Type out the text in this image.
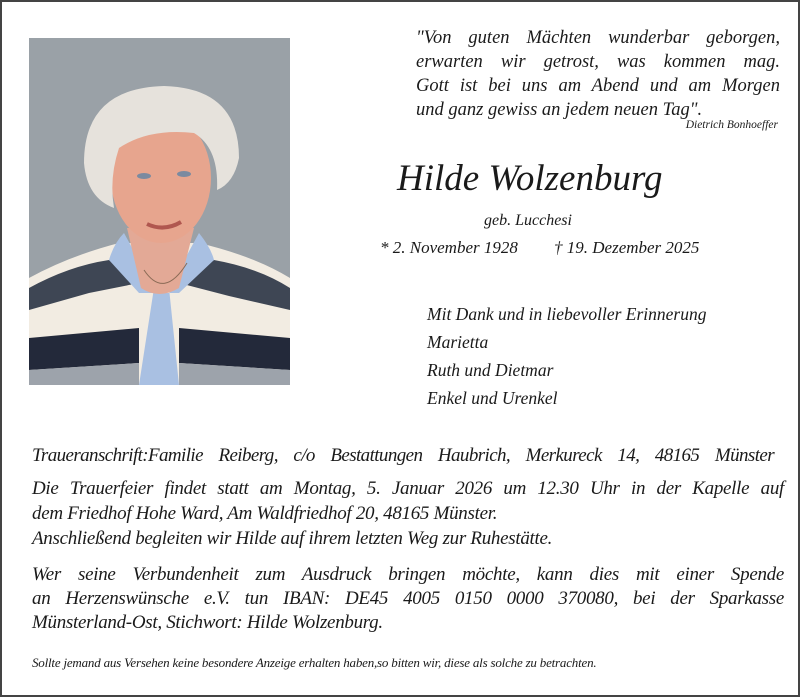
"Von guten Mächten wunderbar geborgen,
erwarten wir getrost, was kommen mag.
Gott ist bei uns am Abend und am Morgen
und ganz gewiss an jedem neuen Tag".
Dietrich Bonhoeffer
Hilde Wolzenburg
geb. Lucchesi
* 2. November 1928 † 19. Dezember 2025
Mit Dank und in liebevoller Erinnerung
Marietta
Ruth und Dietmar
Enkel und Urenkel
Traueranschrift:Familie Reiberg, c/o Bestattungen Haubrich, Merkureck 14, 48165 Münster
Die Trauerfeier findet statt am Montag, 5. Januar 2026 um 12.30 Uhr in der Kapelle auf
dem Friedhof Hohe Ward, Am Waldfriedhof 20, 48165 Münster.
Anschließend begleiten wir Hilde auf ihrem letzten Weg zur Ruhestätte.
Wer seine Verbundenheit zum Ausdruck bringen möchte, kann dies mit einer Spende
an Herzenswünsche e.V. tun IBAN: DE45 4005 0150 0000 370080, bei der Sparkasse
Münsterland-Ost, Stichwort: Hilde Wolzenburg.
Sollte jemand aus Versehen keine besondere Anzeige erhalten haben,so bitten wir, diese als solche zu betrachten.
